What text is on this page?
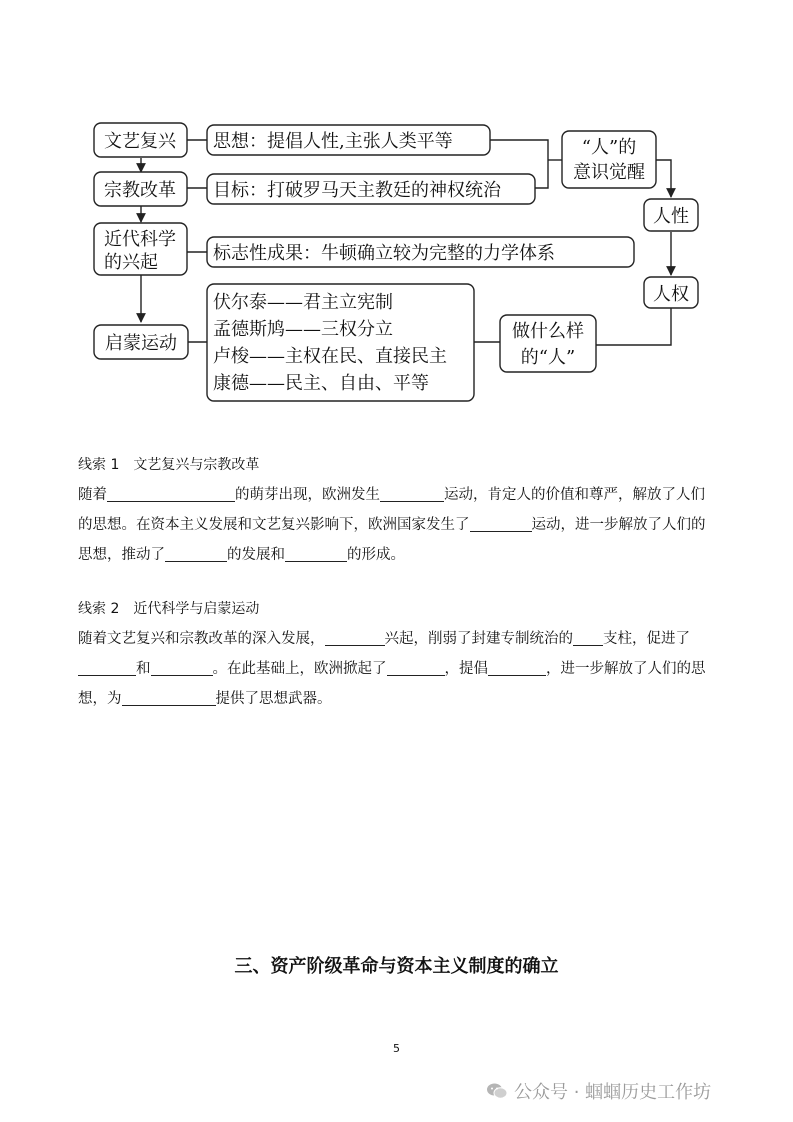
文艺复兴
宗教改革
近代科学
的兴起
启蒙运动
思想：提倡人性,主张人类平等
目标：打破罗马天主教廷的神权统治
标志性成果：牛顿确立较为完整的力学体系
伏尔泰——君主立宪制
孟德斯鸠——三权分立
卢梭——主权在民、直接民主
康德——民主、自由、平等
“人”的
意识觉醒
人性
人权
做什么样
的“人”
线索 1　文艺复兴与宗教改革
随着	的萌芽出现，欧洲发生	运动，肯定人的价值和尊严，解放了人们的思想。在资本主义发展和文艺复兴影响下，欧洲国家发生了	运动，进一步解放了人们的思想，推动了	的发展和	的形成。
线索 2　近代科学与启蒙运动
随着文艺复兴和宗教改革的深入发展，	兴起，削弱了封建专制统治的 支柱，促进了和	。在此基础上，欧洲掀起了	，提倡	，进一步解放了人们的思想，为	提供了思想武器。
三、资产阶级革命与资本主义制度的确立
5
公众号 · 蝈蝈历史工作坊
